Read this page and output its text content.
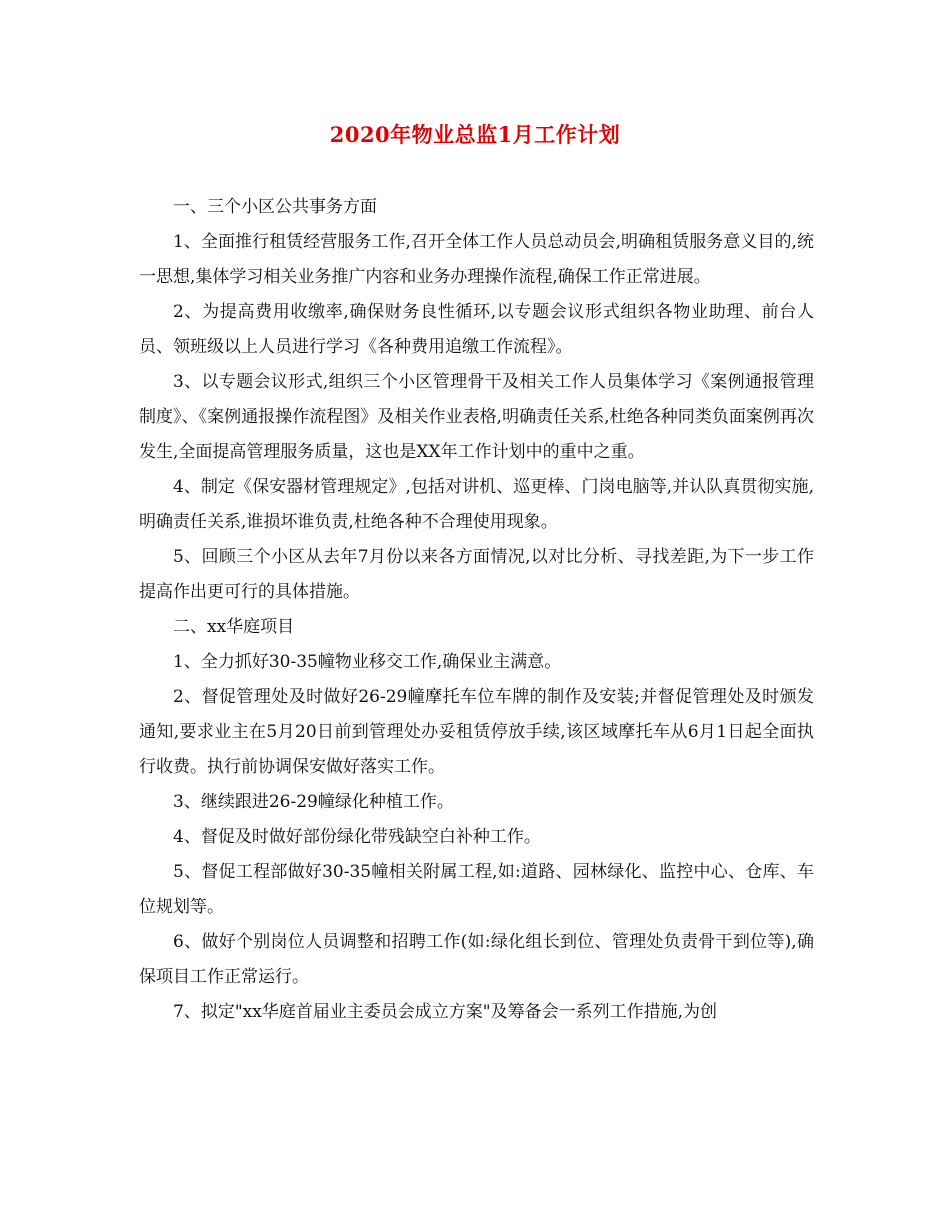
2020年物业总监1月工作计划

一、三个小区公共事务方面

1、全面推行租赁经营服务工作,召开全体工作人员总动员会,明确租赁服务意义目的,统一思想,集体学习相关业务推广内容和业务办理操作流程,确保工作正常进展。

2、为提高费用收缴率,确保财务良性循环,以专题会议形式组织各物业助理、前台人员、领班级以上人员进行学习《各种费用追缴工作流程》。

3、以专题会议形式,组织三个小区管理骨干及相关工作人员集体学习《案例通报管理制度》、《案例通报操作流程图》及相关作业表格,明确责任关系,杜绝各种同类负面案例再次发生,全面提高管理服务质量，这也是XX年工作计划中的重中之重。

4、制定《保安器材管理规定》,包括对讲机、巡更棒、门岗电脑等,并认队真贯彻实施,明确责任关系,谁损坏谁负责,杜绝各种不合理使用现象。

5、回顾三个小区从去年7月份以来各方面情况,以对比分析、寻找差距,为下一步工作提高作出更可行的具体措施。

二、xx华庭项目

1、全力抓好30-35幢物业移交工作,确保业主满意。

2、督促管理处及时做好26-29幢摩托车位车牌的制作及安装;并督促管理处及时颁发通知,要求业主在5月20日前到管理处办妥租赁停放手续,该区域摩托车从6月1日起全面执行收费。执行前协调保安做好落实工作。

3、继续跟进26-29幢绿化种植工作。

4、督促及时做好部份绿化带残缺空白补种工作。

5、督促工程部做好30-35幢相关附属工程,如:道路、园林绿化、监控中心、仓库、车位规划等。

6、做好个别岗位人员调整和招聘工作(如:绿化组长到位、管理处负责骨干到位等),确保项目工作正常运行。

7、拟定"xx华庭首届业主委员会成立方案"及筹备会一系列工作措施,为创
